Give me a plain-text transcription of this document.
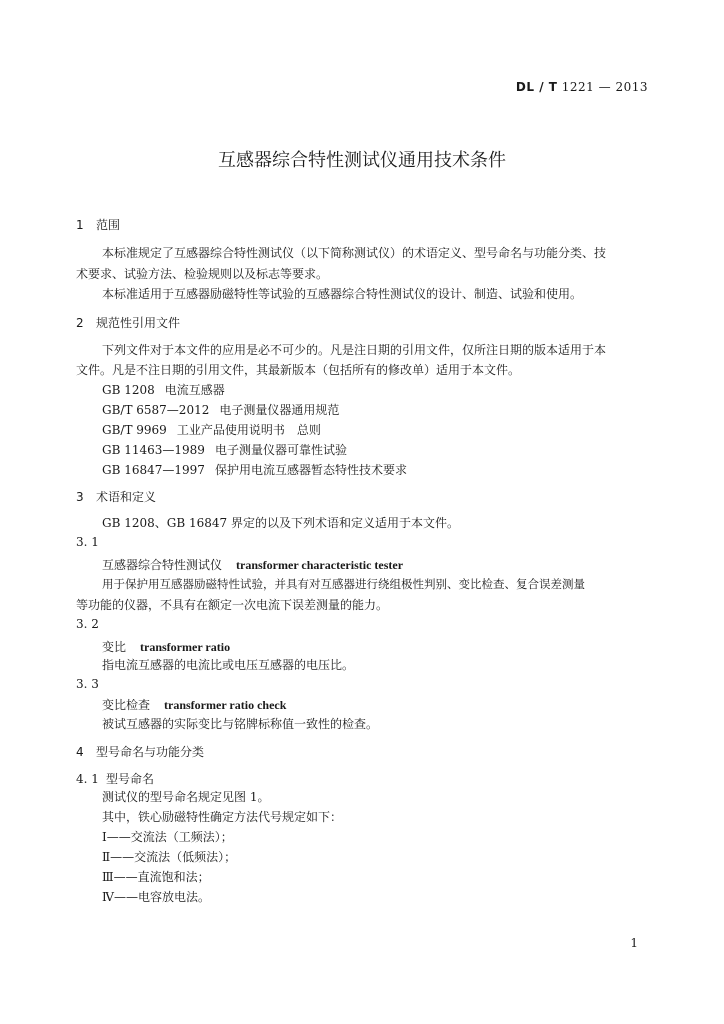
DL / T 1221 — 2013
互感器综合特性测试仪通用技术条件
1 范围
本标准规定了互感器综合特性测试仪（以下简称测试仪）的术语定义、型号命名与功能分类、技
术要求、试验方法、检验规则以及标志等要求。
本标准适用于互感器励磁特性等试验的互感器综合特性测试仪的设计、制造、试验和使用。
2 规范性引用文件
下列文件对于本文件的应用是必不可少的。凡是注日期的引用文件，仅所注日期的版本适用于本
文件。凡是不注日期的引用文件，其最新版本（包括所有的修改单）适用于本文件。
GB 1208 电流互感器
GB/T 6587—2012 电子测量仪器通用规范
GB/T 9969 工业产品使用说明书　总则
GB 11463—1989 电子测量仪器可靠性试验
GB 16847—1997 保护用电流互感器暂态特性技术要求
3 术语和定义
GB 1208、GB 16847 界定的以及下列术语和定义适用于本文件。
3. 1
互感器综合特性测试仪 transformer characteristic tester
用于保护用互感器励磁特性试验，并具有对互感器进行绕组极性判别、变比检查、复合误差测量
等功能的仪器，不具有在额定一次电流下误差测量的能力。
3. 2
变比 transformer ratio
指电流互感器的电流比或电压互感器的电压比。
3. 3
变比检查 transformer ratio check
被试互感器的实际变比与铭牌标称值一致性的检查。
4 型号命名与功能分类
4. 1 型号命名
测试仪的型号命名规定见图 1。
其中，铁心励磁特性确定方法代号规定如下：
Ⅰ——交流法（工频法）；
Ⅱ——交流法（低频法）；
Ⅲ——直流饱和法；
Ⅳ——电容放电法。
1
